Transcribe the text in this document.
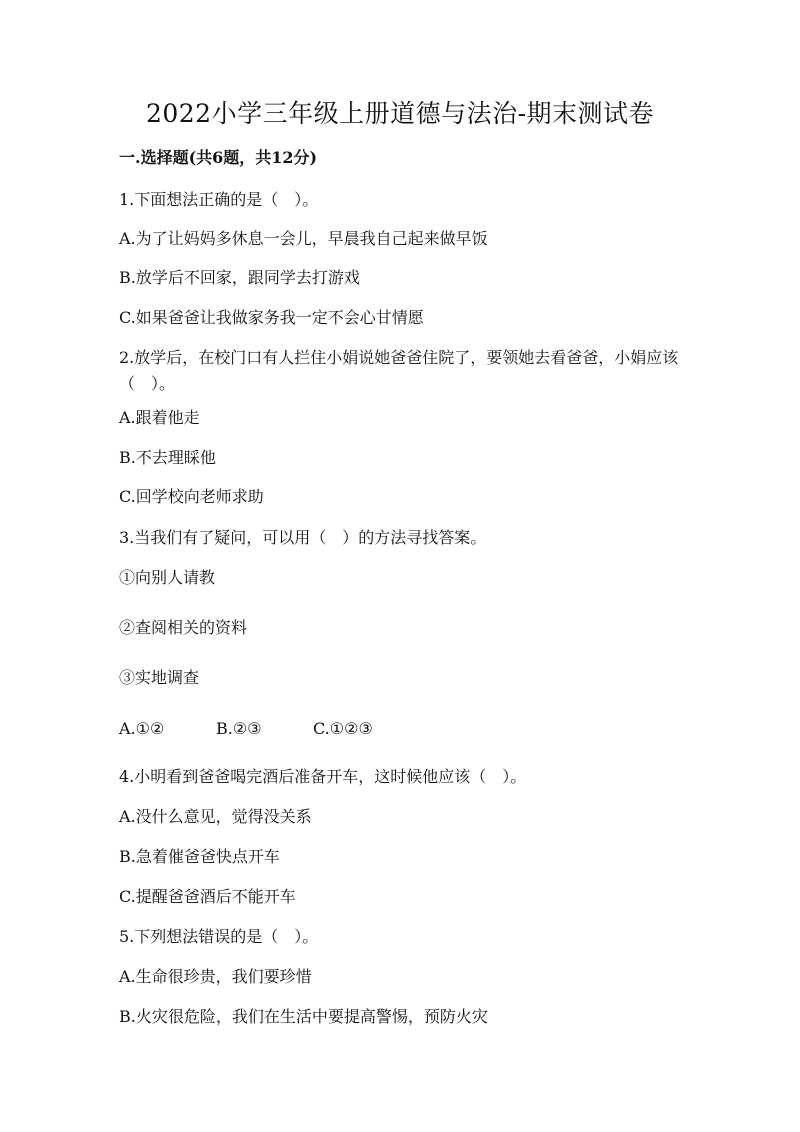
2022小学三年级上册道德与法治-期末测试卷
一.选择题(共6题，共12分)
1.下面想法正确的是（　）。
A.为了让妈妈多休息一会儿，早晨我自己起来做早饭
B.放学后不回家，跟同学去打游戏
C.如果爸爸让我做家务我一定不会心甘情愿
2.放学后，在校门口有人拦住小娟说她爸爸住院了，要领她去看爸爸，小娟应该（　）。
A.跟着他走
B.不去理睬他
C.回学校向老师求助
3.当我们有了疑问，可以用（　）的方法寻找答案。
①向别人请教
②查阅相关的资料
③实地调查
A.①②	B.②③	C.①②③
4.小明看到爸爸喝完酒后准备开车，这时候他应该（　）。
A.没什么意见，觉得没关系
B.急着催爸爸快点开车
C.提醒爸爸酒后不能开车
5.下列想法错误的是（　）。
A.生命很珍贵，我们要珍惜
B.火灾很危险，我们在生活中要提高警惕，预防火灾
